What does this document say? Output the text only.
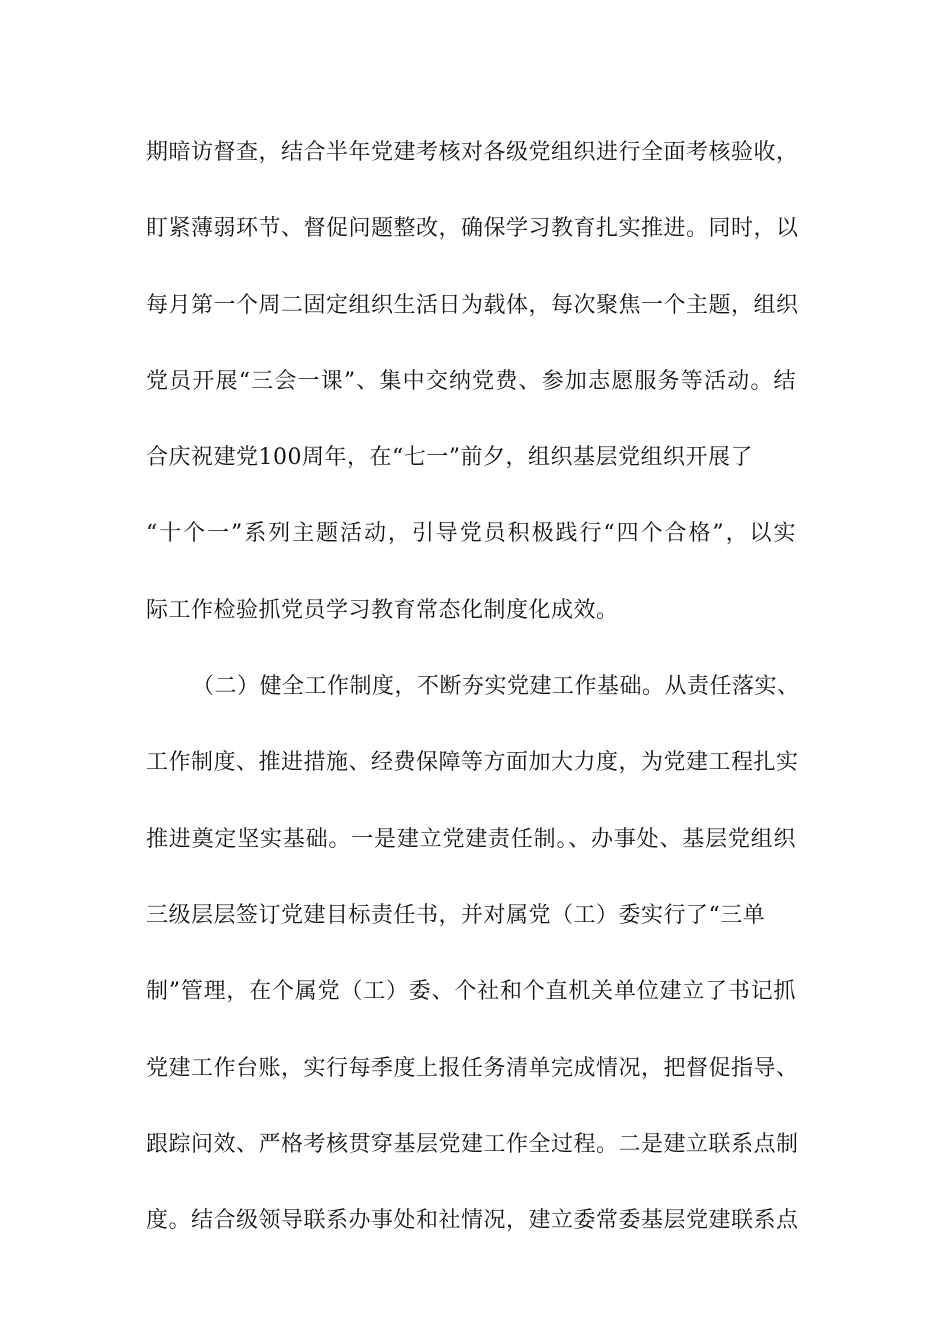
期暗访督查，结合半年党建考核对各级党组织进行全面考核验收，
盯紧薄弱环节、督促问题整改，确保学习教育扎实推进。同时，以
每月第一个周二固定组织生活日为载体，每次聚焦一个主题，组织
党员开展“三会一课”、集中交纳党费、参加志愿服务等活动。结
合庆祝建党100周年，在“七一”前夕，组织基层党组织开展了
“十个一”系列主题活动，引导党员积极践行“四个合格”，以实
际工作检验抓党员学习教育常态化制度化成效。
（二）健全工作制度，不断夯实党建工作基础。从责任落实、
工作制度、推进措施、经费保障等方面加大力度，为党建工程扎实
推进奠定坚实基础。一是建立党建责任制。、办事处、基层党组织
三级层层签订党建目标责任书，并对属党（工）委实行了“三单
制”管理，在个属党（工）委、个社和个直机关单位建立了书记抓
党建工作台账，实行每季度上报任务清单完成情况，把督促指导、
跟踪问效、严格考核贯穿基层党建工作全过程。二是建立联系点制
度。结合级领导联系办事处和社情况，建立委常委基层党建联系点
